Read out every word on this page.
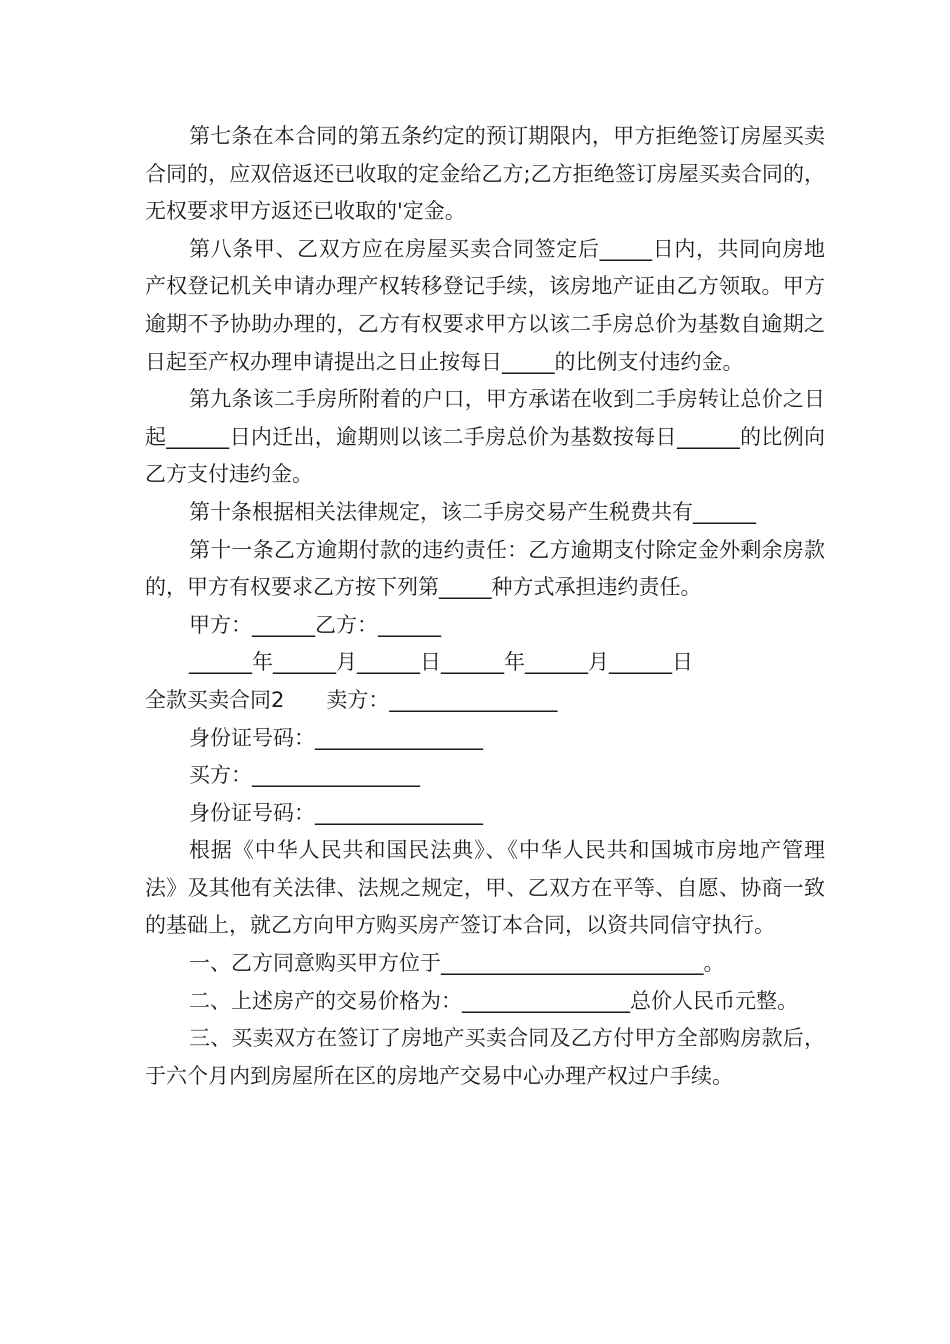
第七条在本合同的第五条约定的预订期限内，甲方拒绝签订房屋买卖合同的，应双倍返还已收取的定金给乙方;乙方拒绝签订房屋买卖合同的，无权要求甲方返还已收取的'定金。

第八条甲、乙双方应在房屋买卖合同签定后_____日内，共同向房地产权登记机关申请办理产权转移登记手续，该房地产证由乙方领取。甲方逾期不予协助办理的，乙方有权要求甲方以该二手房总价为基数自逾期之日起至产权办理申请提出之日止按每日_____的比例支付违约金。

第九条该二手房所附着的户口，甲方承诺在收到二手房转让总价之日起______日内迁出，逾期则以该二手房总价为基数按每日______的比例向乙方支付违约金。

第十条根据相关法律规定，该二手房交易产生税费共有______

第十一条乙方逾期付款的违约责任：乙方逾期支付除定金外剩余房款的，甲方有权要求乙方按下列第_____种方式承担违约责任。

甲方：______乙方：______

______年______月______日______年______月______日

全款买卖合同2　　卖方：________________

身份证号码：________________

买方：________________

身份证号码：________________

根据《中华人民共和国民法典》、《中华人民共和国城市房地产管理法》及其他有关法律、法规之规定，甲、乙双方在平等、自愿、协商一致的基础上，就乙方向甲方购买房产签订本合同，以资共同信守执行。

一、乙方同意购买甲方位于_________________________。

二、上述房产的交易价格为：________________总价人民币元整。

三、买卖双方在签订了房地产买卖合同及乙方付甲方全部购房款后，于六个月内到房屋所在区的房地产交易中心办理产权过户手续。
